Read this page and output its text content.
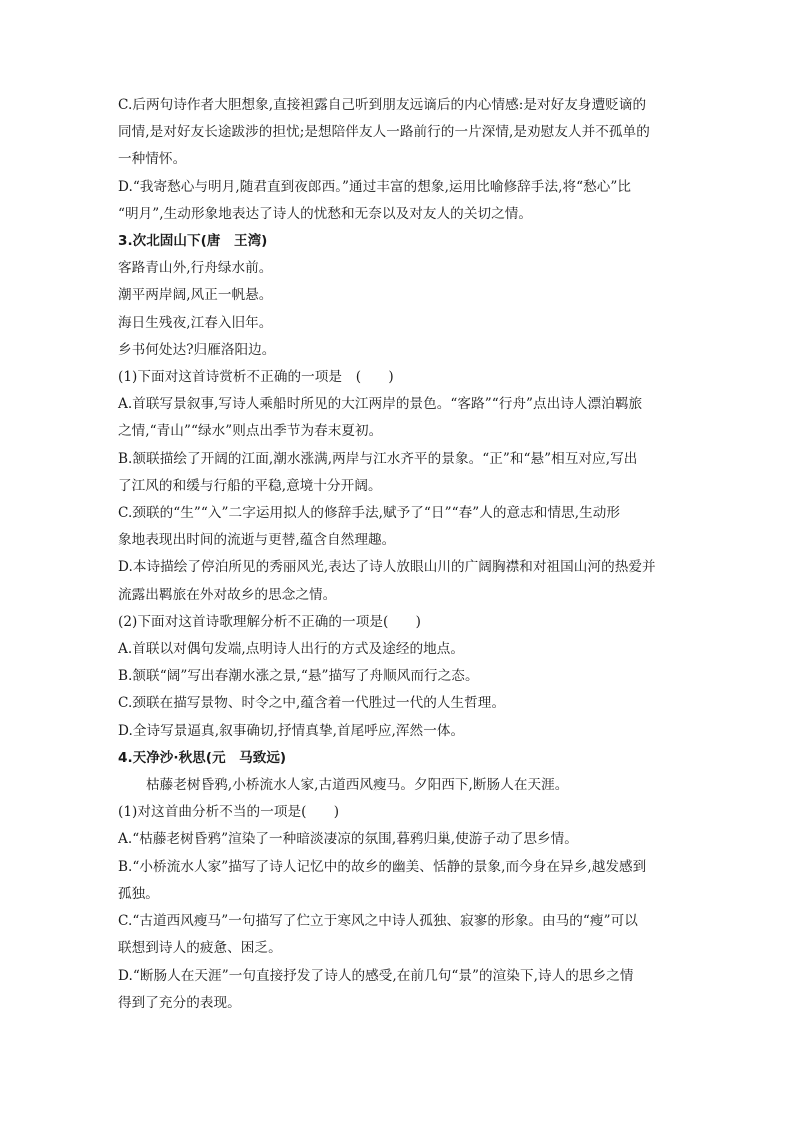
C.后两句诗作者大胆想象,直接袒露自己听到朋友远谪后的内心情感:是对好友身遭贬谪的
同情,是对好友长途跋涉的担忧;是想陪伴友人一路前行的一片深情,是劝慰友人并不孤单的
一种情怀。
D.“我寄愁心与明月,随君直到夜郎西。”通过丰富的想象,运用比喻修辞手法,将“愁心”比
“明月”,生动形象地表达了诗人的忧愁和无奈以及对友人的关切之情。
3.次北固山下(唐　王湾)
客路青山外,行舟绿水前。
潮平两岸阔,风正一帆悬。
海日生残夜,江春入旧年。
乡书何处达?归雁洛阳边。
(1)下面对这首诗赏析不正确的一项是　(　　)
A.首联写景叙事,写诗人乘船时所见的大江两岸的景色。“客路”“行舟”点出诗人漂泊羁旅
之情,“青山”“绿水”则点出季节为春末夏初。
B.颔联描绘了开阔的江面,潮水涨满,两岸与江水齐平的景象。“正”和“悬”相互对应,写出
了江风的和缓与行船的平稳,意境十分开阔。
C.颈联的“生”“入”二字运用拟人的修辞手法,赋予了“日”“春”人的意志和情思,生动形
象地表现出时间的流逝与更替,蕴含自然理趣。
D.本诗描绘了停泊所见的秀丽风光,表达了诗人放眼山川的广阔胸襟和对祖国山河的热爱并
流露出羁旅在外对故乡的思念之情。
(2)下面对这首诗歌理解分析不正确的一项是(　　)
A.首联以对偶句发端,点明诗人出行的方式及途经的地点。
B.颔联“阔”写出春潮水涨之景,“悬”描写了舟顺风而行之态。
C.颈联在描写景物、时令之中,蕴含着一代胜过一代的人生哲理。
D.全诗写景逼真,叙事确切,抒情真挚,首尾呼应,浑然一体。
4.天净沙·秋思(元　马致远)
枯藤老树昏鸦,小桥流水人家,古道西风瘦马。夕阳西下,断肠人在天涯。
(1)对这首曲分析不当的一项是(　　)
A.“枯藤老树昏鸦”渲染了一种暗淡凄凉的氛围,暮鸦归巢,使游子动了思乡情。
B.“小桥流水人家”描写了诗人记忆中的故乡的幽美、恬静的景象,而今身在异乡,越发感到
孤独。
C.“古道西风瘦马”一句描写了伫立于寒风之中诗人孤独、寂寥的形象。由马的“瘦”可以
联想到诗人的疲惫、困乏。
D.“断肠人在天涯”一句直接抒发了诗人的感受,在前几句“景”的渲染下,诗人的思乡之情
得到了充分的表现。
